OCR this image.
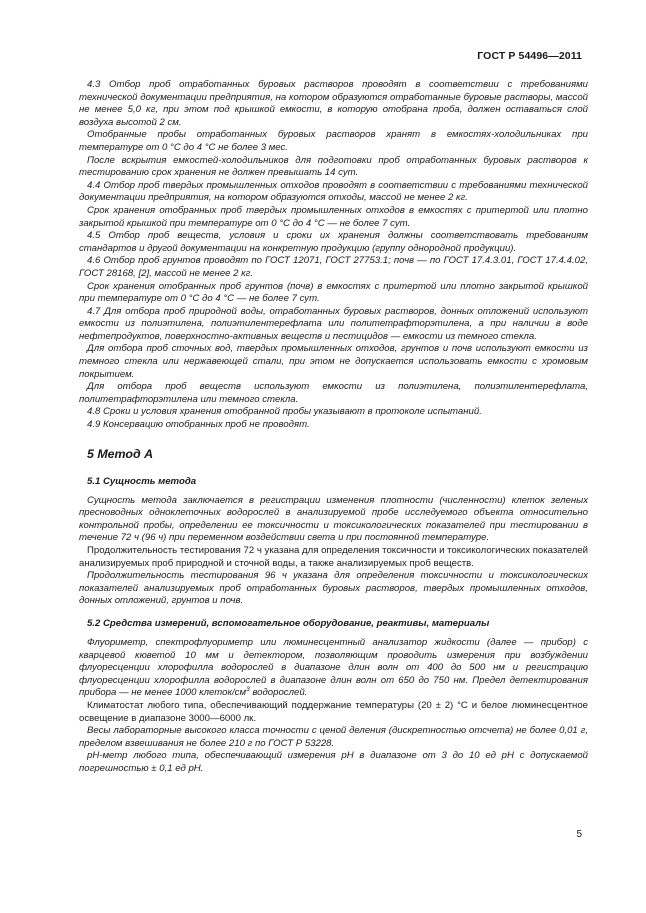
ГОСТ Р 54496—2011

4.3 Отбор проб отработанных буровых растворов проводят в соответствии с требованиями технической документации предприятия, на котором образуются отработанные буровые растворы, массой не менее 5,0 кг, при этом под крышкой емкости, в которую отобрана проба, должен оставаться слой воздуха высотой 2 см.

Отобранные пробы отработанных буровых растворов хранят в емкостях-холодильниках при температуре от 0 °С до 4 °С не более 3 мес.

После вскрытия емкостей-холодильников для подготовки проб отработанных буровых растворов к тестированию срок хранения не должен превышать 14 сут.

4.4 Отбор проб твердых промышленных отходов проводят в соответствии с требованиями технической документации предприятия, на котором образуются отходы, массой не менее 2 кг.

Срок хранения отобранных проб твердых промышленных отходов в емкостях с притертой или плотно закрытой крышкой при температуре от 0 °С до 4 °С — не более 7 сут.

4.5 Отбор проб веществ, условия и сроки их хранения должны соответствовать требованиям стандартов и другой документации на конкретную продукцию (группу однородной продукции).

4.6 Отбор проб грунтов проводят по ГОСТ 12071, ГОСТ 27753.1; почв — по ГОСТ 17.4.3.01, ГОСТ 17.4.4.02, ГОСТ 28168, [2], массой не менее 2 кг.

Срок хранения отобранных проб грунтов (почв) в емкостях с притертой или плотно закрытой крышкой при температуре от 0 °С до 4 °С — не более 7 сут.

4.7 Для отбора проб природной воды, отработанных буровых растворов, донных отложений используют емкости из полиэтилена, полиэтилентерефлата или политетрафторэтилена, а при наличии в воде нефтепродуктов, поверхностно-активных веществ и пестицидов — емкости из темного стекла.

Для отбора проб сточных вод, твердых промышленных отходов, грунтов и почв используют емкости из темного стекла или нержавеющей стали, при этом не допускается использовать емкости с хромовым покрытием.

Для отбора проб веществ используют емкости из полиэтилена, полиэтилентерефлата, политетрафторэтилена или темного стекла.

4.8 Сроки и условия хранения отобранной пробы указывают в протоколе испытаний.

4.9 Консервацию отобранных проб не проводят.

5 Метод А
5.1 Сущность метода

Сущность метода заключается в регистрации изменения плотности (численности) клеток зеленых пресноводных одноклеточных водорослей в анализируемой пробе исследуемого объекта относительно контрольной пробы, определении ее токсичности и токсикологических показателей при тестировании в течение 72 ч (96 ч) при переменном воздействии света и при постоянной температуре.

Продолжительность тестирования 72 ч указана для определения токсичности и токсикологических показателей анализируемых проб природной и сточной воды, а также анализируемых проб веществ.

Продолжительность тестирования 96 ч указана для определения токсичности и токсикологических показателей анализируемых проб отработанных буровых растворов, твердых промышленных отходов, донных отложений, грунтов и почв.

5.2 Средства измерений, вспомогательное оборудование, реактивы, материалы

Флуориметр, спектрофлуориметр или люминесцентный анализатор жидкости (далее — прибор) с кварцевой кюветой 10 мм и детектором, позволяющим проводить измерения при возбуждении флуоресценции хлорофилла водорослей в диапазоне длин волн от 400 до 500 нм и регистрацию флуоресценции хлорофилла водорослей в диапазоне длин волн от 650 до 750 нм. Предел детектирования прибора — не менее 1000 клеток/$см^3$ водорослей.

Климатостат любого типа, обеспечивающий поддержание температуры (20 ± 2) °С и белое люминесцентное освещение в диапазоне 3000—6000 лк.

Весы лабораторные высокого класса точности с ценой деления (дискретностью отсчета) не более 0,01 г, пределом взвешивания не более 210 г по ГОСТ Р 53228.

pH-метр любого типа, обеспечивающий измерения pH в диапазоне от 3 до 10 ед pH с допускаемой погрешностью ± 0,1 ед pH.

5
